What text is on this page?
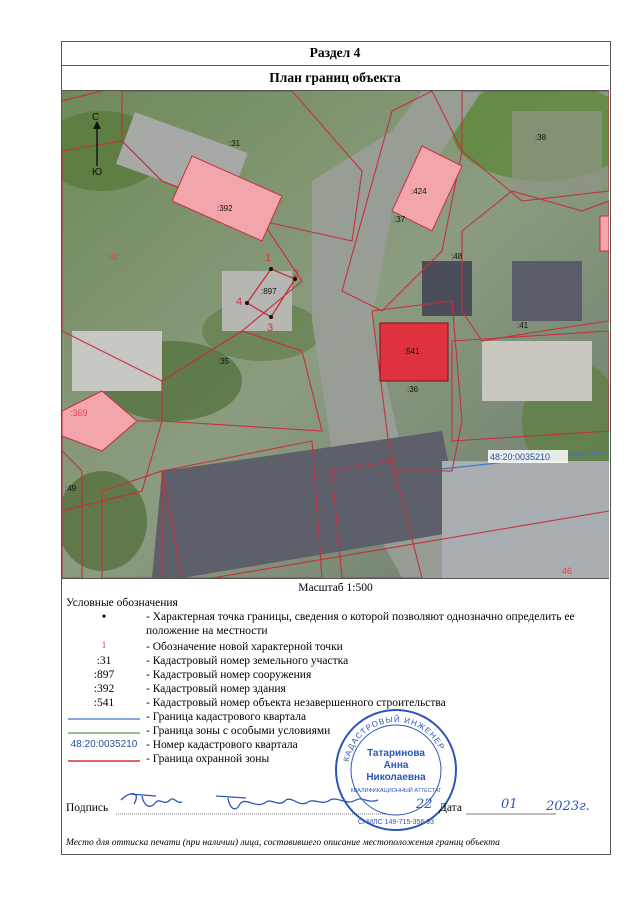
Раздел 4
План границ объекта
1
2
3
4
С
Ю
:31
:392
:32
:897
:35
:424
:37
:38
:48
:41
:541
:36
:49
:369
46
48:20:0035210
Масштаб 1:500
Условные обозначения
•	- Характерная точка границы, сведения о которой позволяют однозначно определить ее положение на местности
1	- Обозначение новой характерной точки
:31	- Кадастровый номер земельного участка
:897	- Кадастровый номер сооружения
:392	- Кадастровый номер здания
:541	- Кадастровый номер объекта незавершенного строительства
- Граница кадастрового квартала
- Граница зоны с особыми условиями
48:20:0035210 - Номер кадастрового квартала
- Граница охранной зоны	КАДАСТРОВЫЙ ИНЖЕНЕР
Татаринова
Анна
Николаевна
КВАЛИФИКАЦИОННЫЙ АТТЕСТАТ
СНИЛС 149-715-356 93
Подпись	Дата
22	01 2023г.
Место для оттиска печати (при наличии) лица, составившего описание местоположения границ объекта
